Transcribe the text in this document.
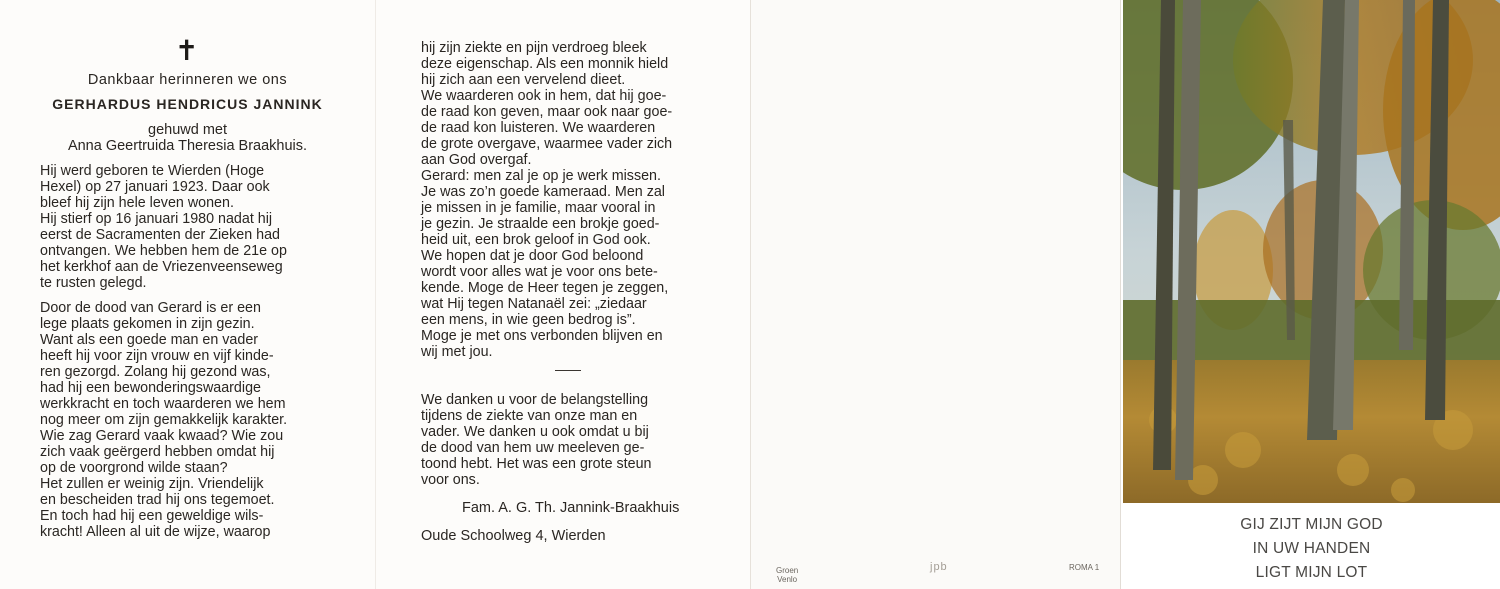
✝
Dankbaar herinneren we ons
GERHARDUS HENDRICUS JANNINK
gehuwd met
Anna Geertruida Theresia Braakhuis.

Hij werd geboren te Wierden (Hoge
Hexel) op 27 januari 1923. Daar ook
bleef hij zijn hele leven wonen.
Hij stierf op 16 januari 1980 nadat hij
eerst de Sacramenten der Zieken had
ontvangen. We hebben hem de 21e op
het kerkhof aan de Vriezenveenseweg
te rusten gelegd.

Door de dood van Gerard is er een
lege plaats gekomen in zijn gezin.
Want als een goede man en vader
heeft hij voor zijn vrouw en vijf kinde-
ren gezorgd. Zolang hij gezond was,
had hij een bewonderingswaardige
werkkracht en toch waarderen we hem
nog meer om zijn gemakkelijk karakter.
Wie zag Gerard vaak kwaad? Wie zou
zich vaak geërgerd hebben omdat hij
op de voorgrond wilde staan?
Het zullen er weinig zijn. Vriendelijk
en bescheiden trad hij ons tegemoet.
En toch had hij een geweldige wils-
kracht! Alleen al uit de wijze, waarop

hij zijn ziekte en pijn verdroeg bleek
deze eigenschap. Als een monnik hield
hij zich aan een vervelend dieet.
We waarderen ook in hem, dat hij goe-
de raad kon geven, maar ook naar goe-
de raad kon luisteren. We waarderen
de grote overgave, waarmee vader zich
aan God overgaf.
Gerard: men zal je op je werk missen.
Je was zo’n goede kameraad. Men zal
je missen in je familie, maar vooral in
je gezin. Je straalde een brokje goed-
heid uit, een brok geloof in God ook.
We hopen dat je door God beloond
wordt voor alles wat je voor ons bete-
kende. Moge de Heer tegen je zeggen,
wat Hij tegen Natanaël zei: „ziedaar
een mens, in wie geen bedrog is”.
Moge je met ons verbonden blijven en
wij met jou.

We danken u voor de belangstelling
tijdens de ziekte van onze man en
vader. We danken u ook omdat u bij
de dood van hem uw meeleven ge-
toond hebt. Het was een grote steun
voor ons.

Fam. A. G. Th. Jannink-Braakhuis
Oude Schoolweg 4, Wierden
Groen
Venlo
jpb	ROMA 1
GIJ ZIJT MIJN GOD
IN UW HANDEN
LIGT MIJN LOT
